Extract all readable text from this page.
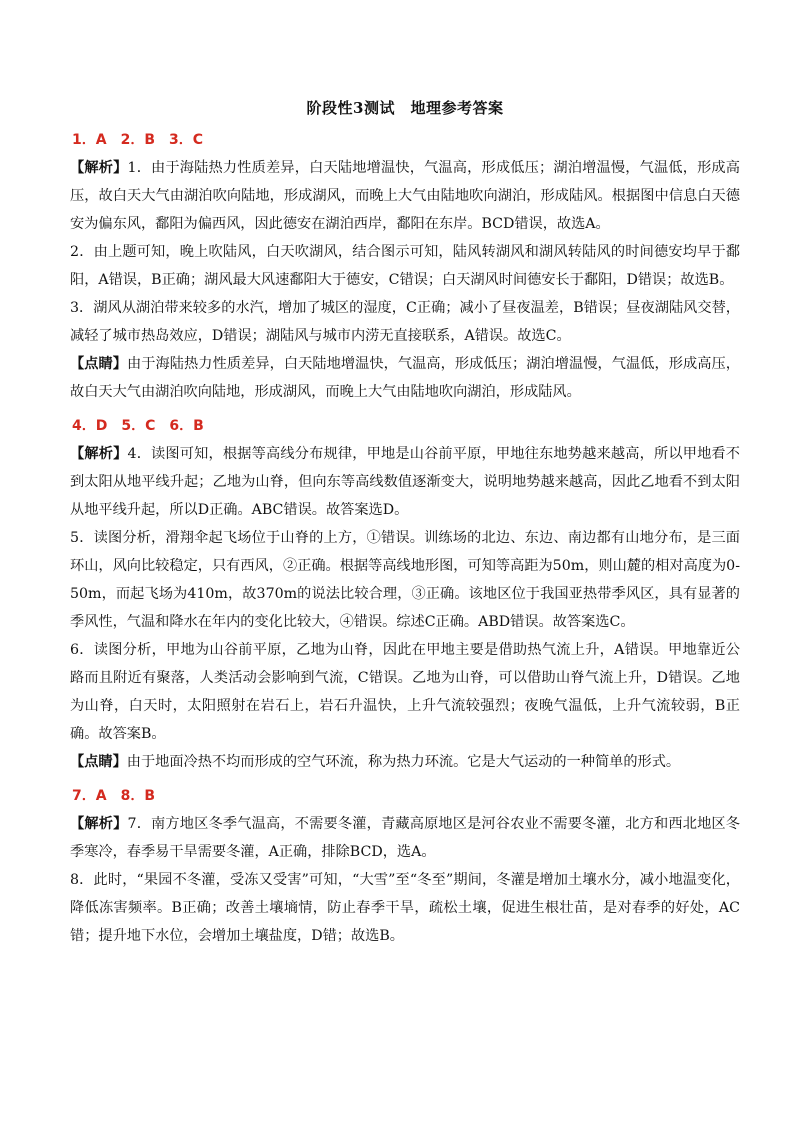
阶段性3测试　地理参考答案

1．A　2．B　3．C

【解析】1．由于海陆热力性质差异，白天陆地增温快，气温高，形成低压；湖泊增温慢，气温低，形成高压，故白天大气由湖泊吹向陆地，形成湖风，而晚上大气由陆地吹向湖泊，形成陆风。根据图中信息白天德安为偏东风，鄱阳为偏西风，因此德安在湖泊西岸，鄱阳在东岸。BCD错误，故选A。

2．由上题可知，晚上吹陆风，白天吹湖风，结合图示可知，陆风转湖风和湖风转陆风的时间德安均早于鄱阳，A错误，B正确；湖风最大风速鄱阳大于德安，C错误；白天湖风时间德安长于鄱阳，D错误；故选B。

3．湖风从湖泊带来较多的水汽，增加了城区的湿度，C正确；减小了昼夜温差，B错误；昼夜湖陆风交替，减轻了城市热岛效应，D错误；湖陆风与城市内涝无直接联系，A错误。故选C。

【点睛】由于海陆热力性质差异，白天陆地增温快，气温高，形成低压；湖泊增温慢，气温低，形成高压，故白天大气由湖泊吹向陆地，形成湖风，而晚上大气由陆地吹向湖泊，形成陆风。

4．D　5．C　6．B

【解析】4．读图可知，根据等高线分布规律，甲地是山谷前平原，甲地往东地势越来越高，所以甲地看不到太阳从地平线升起；乙地为山脊，但向东等高线数值逐渐变大，说明地势越来越高，因此乙地看不到太阳从地平线升起，所以D正确。ABC错误。故答案选D。

5．读图分析，滑翔伞起飞场位于山脊的上方，①错误。训练场的北边、东边、南边都有山地分布，是三面环山，风向比较稳定，只有西风，②正确。根据等高线地形图，可知等高距为50m，则山麓的相对高度为0-50m，而起飞场为410m，故370m的说法比较合理，③正确。该地区位于我国亚热带季风区，具有显著的季风性，气温和降水在年内的变化比较大，④错误。综述C正确。ABD错误。故答案选C。

6．读图分析，甲地为山谷前平原，乙地为山脊，因此在甲地主要是借助热气流上升，A错误。甲地靠近公路而且附近有聚落，人类活动会影响到气流，C错误。乙地为山脊，可以借助山脊气流上升，D错误。乙地为山脊，白天时，太阳照射在岩石上，岩石升温快，上升气流较强烈；夜晚气温低，上升气流较弱，B正确。故答案B。

【点睛】由于地面冷热不均而形成的空气环流，称为热力环流。它是大气运动的一种简单的形式。

7．A　8．B

【解析】7．南方地区冬季气温高，不需要冬灌，青藏高原地区是河谷农业不需要冬灌，北方和西北地区冬季寒冷，春季易干旱需要冬灌，A正确，排除BCD，选A。

8．此时，“果园不冬灌，受冻又受害”可知，“大雪”至“冬至”期间，冬灌是增加土壤水分，减小地温变化，降低冻害频率。B正确；改善土壤墒情，防止春季干旱，疏松土壤，促进生根壮苗，是对春季的好处，AC错；提升地下水位，会增加土壤盐度，D错；故选B。
